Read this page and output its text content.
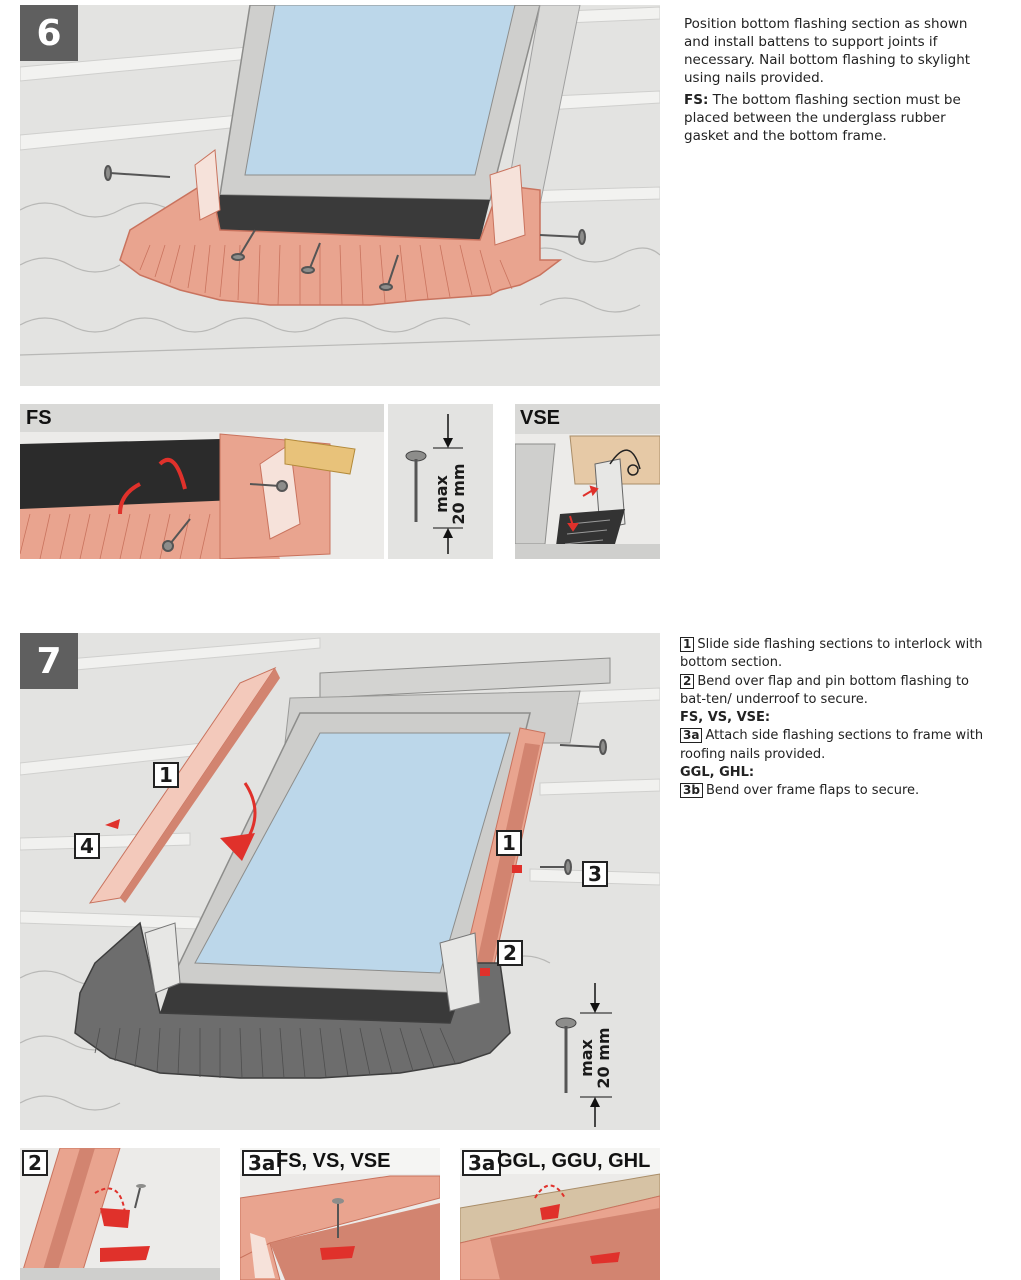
6	Position bottom flashing section as shown and install battens to support joints if necessary. Nail bottom flashing to skylight using nails provided.

FS: The bottom flashing section must be placed between the underglass rubber gasket and the bottom frame.

FS
max
20 mm
VSE
7
1
4	1
3
2
max
20 mm
1 Slide side flashing sections to interlock with bottom section.
2 Bend over flap and pin bottom flashing to bat-ten/ underroof to secure.
FS, VS, VSE:
3a Attach side flashing sections to frame with roofing nails provided.
GGL, GHL:
3b Bend over frame flaps to secure.
2	3a FS, VS, VSE	3a GGL, GGU, GHL
